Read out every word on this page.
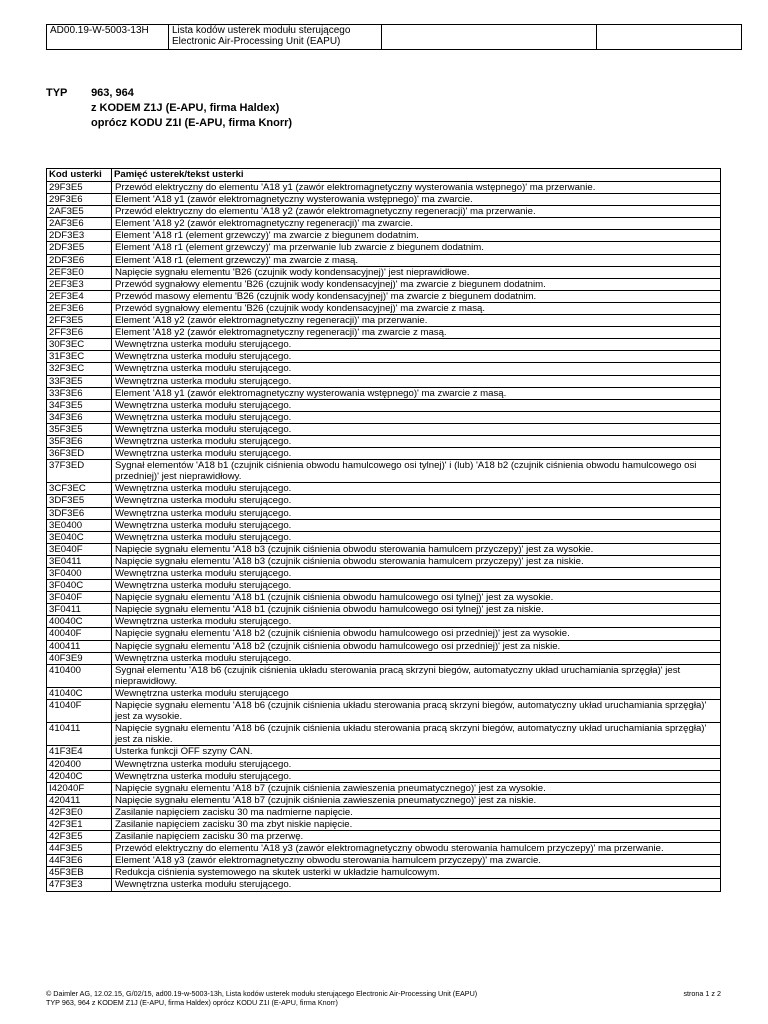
AD00.19-W-5003-13H	Lista kodów usterek modułu sterującego
Electronic Air-Processing Unit (EAPU)

TYP 963, 964
z KODEM Z1J (E-APU, firma Haldex)
oprócz KODU Z1I (E-APU, firma Knorr)
Kod usterki	Pamięć usterek/tekst usterki
29F3E5	Przewód elektryczny do elementu 'A18 y1 (zawór elektromagnetyczny wysterowania wstępnego)' ma przerwanie.
29F3E6	Element 'A18 y1 (zawór elektromagnetyczny wysterowania wstępnego)' ma zwarcie.
2AF3E5	Przewód elektryczny do elementu 'A18 y2 (zawór elektromagnetyczny regeneracji)' ma przerwanie.
2AF3E6	Element 'A18 y2 (zawór elektromagnetyczny regeneracji)' ma zwarcie.
2DF3E3	Element 'A18 r1 (element grzewczy)' ma zwarcie z biegunem dodatnim.
2DF3E5	Element 'A18 r1 (element grzewczy)' ma przerwanie lub zwarcie z biegunem dodatnim.
2DF3E6	Element 'A18 r1 (element grzewczy)' ma zwarcie z masą.
2EF3E0	Napięcie sygnału elementu 'B26 (czujnik wody kondensacyjnej)' jest nieprawidłowe.
2EF3E3	Przewód sygnałowy elementu 'B26 (czujnik wody kondensacyjnej)' ma zwarcie z biegunem dodatnim.
2EF3E4	Przewód masowy elementu 'B26 (czujnik wody kondensacyjnej)' ma zwarcie z biegunem dodatnim.
2EF3E6	Przewód sygnałowy elementu 'B26 (czujnik wody kondensacyjnej)' ma zwarcie z masą.
2FF3E5	Element 'A18 y2 (zawór elektromagnetyczny regeneracji)' ma przerwanie.
2FF3E6	Element 'A18 y2 (zawór elektromagnetyczny regeneracji)' ma zwarcie z masą.
30F3EC	Wewnętrzna usterka modułu sterującego.
31F3EC	Wewnętrzna usterka modułu sterującego.
32F3EC	Wewnętrzna usterka modułu sterującego.
33F3E5	Wewnętrzna usterka modułu sterującego.
33F3E6	Element 'A18 y1 (zawór elektromagnetyczny wysterowania wstępnego)' ma zwarcie z masą.
34F3E5	Wewnętrzna usterka modułu sterującego.
34F3E6	Wewnętrzna usterka modułu sterującego.
35F3E5	Wewnętrzna usterka modułu sterującego.
35F3E6	Wewnętrzna usterka modułu sterującego.
36F3ED	Wewnętrzna usterka modułu sterującego.
37F3ED	Sygnał elementów 'A18 b1 (czujnik ciśnienia obwodu hamulcowego osi tylnej)' i (lub) 'A18 b2 (czujnik ciśnienia obwodu hamulcowego osi przedniej)' jest nieprawidłowy.
3CF3EC	Wewnętrzna usterka modułu sterującego.
3DF3E5	Wewnętrzna usterka modułu sterującego.
3DF3E6	Wewnętrzna usterka modułu sterującego.
3E0400	Wewnętrzna usterka modułu sterującego.
3E040C	Wewnętrzna usterka modułu sterującego.
3E040F	Napięcie sygnału elementu 'A18 b3 (czujnik ciśnienia obwodu sterowania hamulcem przyczepy)' jest za wysokie.
3E0411	Napięcie sygnału elementu 'A18 b3 (czujnik ciśnienia obwodu sterowania hamulcem przyczepy)' jest za niskie.
3F0400	Wewnętrzna usterka modułu sterującego.
3F040C	Wewnętrzna usterka modułu sterującego.
3F040F	Napięcie sygnału elementu 'A18 b1 (czujnik ciśnienia obwodu hamulcowego osi tylnej)' jest za wysokie.
3F0411	Napięcie sygnału elementu 'A18 b1 (czujnik ciśnienia obwodu hamulcowego osi tylnej)' jest za niskie.
40040C	Wewnętrzna usterka modułu sterującego.
40040F	Napięcie sygnału elementu 'A18 b2 (czujnik ciśnienia obwodu hamulcowego osi przedniej)' jest za wysokie.
400411	Napięcie sygnału elementu 'A18 b2 (czujnik ciśnienia obwodu hamulcowego osi przedniej)' jest za niskie.
40F3E9	Wewnętrzna usterka modułu sterującego.
410400	Sygnał elementu 'A18 b6 (czujnik ciśnienia układu sterowania pracą skrzyni biegów, automatyczny układ uruchamiania sprzęgła)' jest nieprawidłowy.
41040C	Wewnętrzna usterka modułu sterującego
41040F	Napięcie sygnału elementu 'A18 b6 (czujnik ciśnienia układu sterowania pracą skrzyni biegów, automatyczny układ uruchamiania sprzęgła)' jest za wysokie.
410411	Napięcie sygnału elementu 'A18 b6 (czujnik ciśnienia układu sterowania pracą skrzyni biegów, automatyczny układ uruchamiania sprzęgła)' jest za niskie.
41F3E4	Usterka funkcji OFF szyny CAN.
420400	Wewnętrzna usterka modułu sterującego.
42040C	Wewnętrzna usterka modułu sterującego.
I42040F	Napięcie sygnału elementu 'A18 b7 (czujnik ciśnienia zawieszenia pneumatycznego)' jest za wysokie.
420411	Napięcie sygnału elementu 'A18 b7 (czujnik ciśnienia zawieszenia pneumatycznego)' jest za niskie.
42F3E0	Zasilanie napięciem zacisku 30 ma nadmierne napięcie.
42F3E1	Zasilanie napięciem zacisku 30 ma zbyt niskie napięcie.
42F3E5	Zasilanie napięciem zacisku 30 ma przerwę.
44F3E5	Przewód elektryczny do elementu 'A18 y3 (zawór elektromagnetyczny obwodu sterowania hamulcem przyczepy)' ma przerwanie.
44F3E6	Element 'A18 y3 (zawór elektromagnetyczny obwodu sterowania hamulcem przyczepy)' ma zwarcie.
45F3EB	Redukcja ciśnienia systemowego na skutek usterki w układzie hamulcowym.
47F3E3	Wewnętrzna usterka modułu sterującego.
© Daimler AG, 12.02.15, G/02/15, ad00.19-w-5003-13h, Lista kodów usterek modułu sterującego Electronic Air-Processing Unit (EAPU)
TYP 963, 964 z KODEM Z1J (E-APU, firma Haldex) oprócz KODU Z1I (E-APU, firma Knorr)
strona 1 z 2
